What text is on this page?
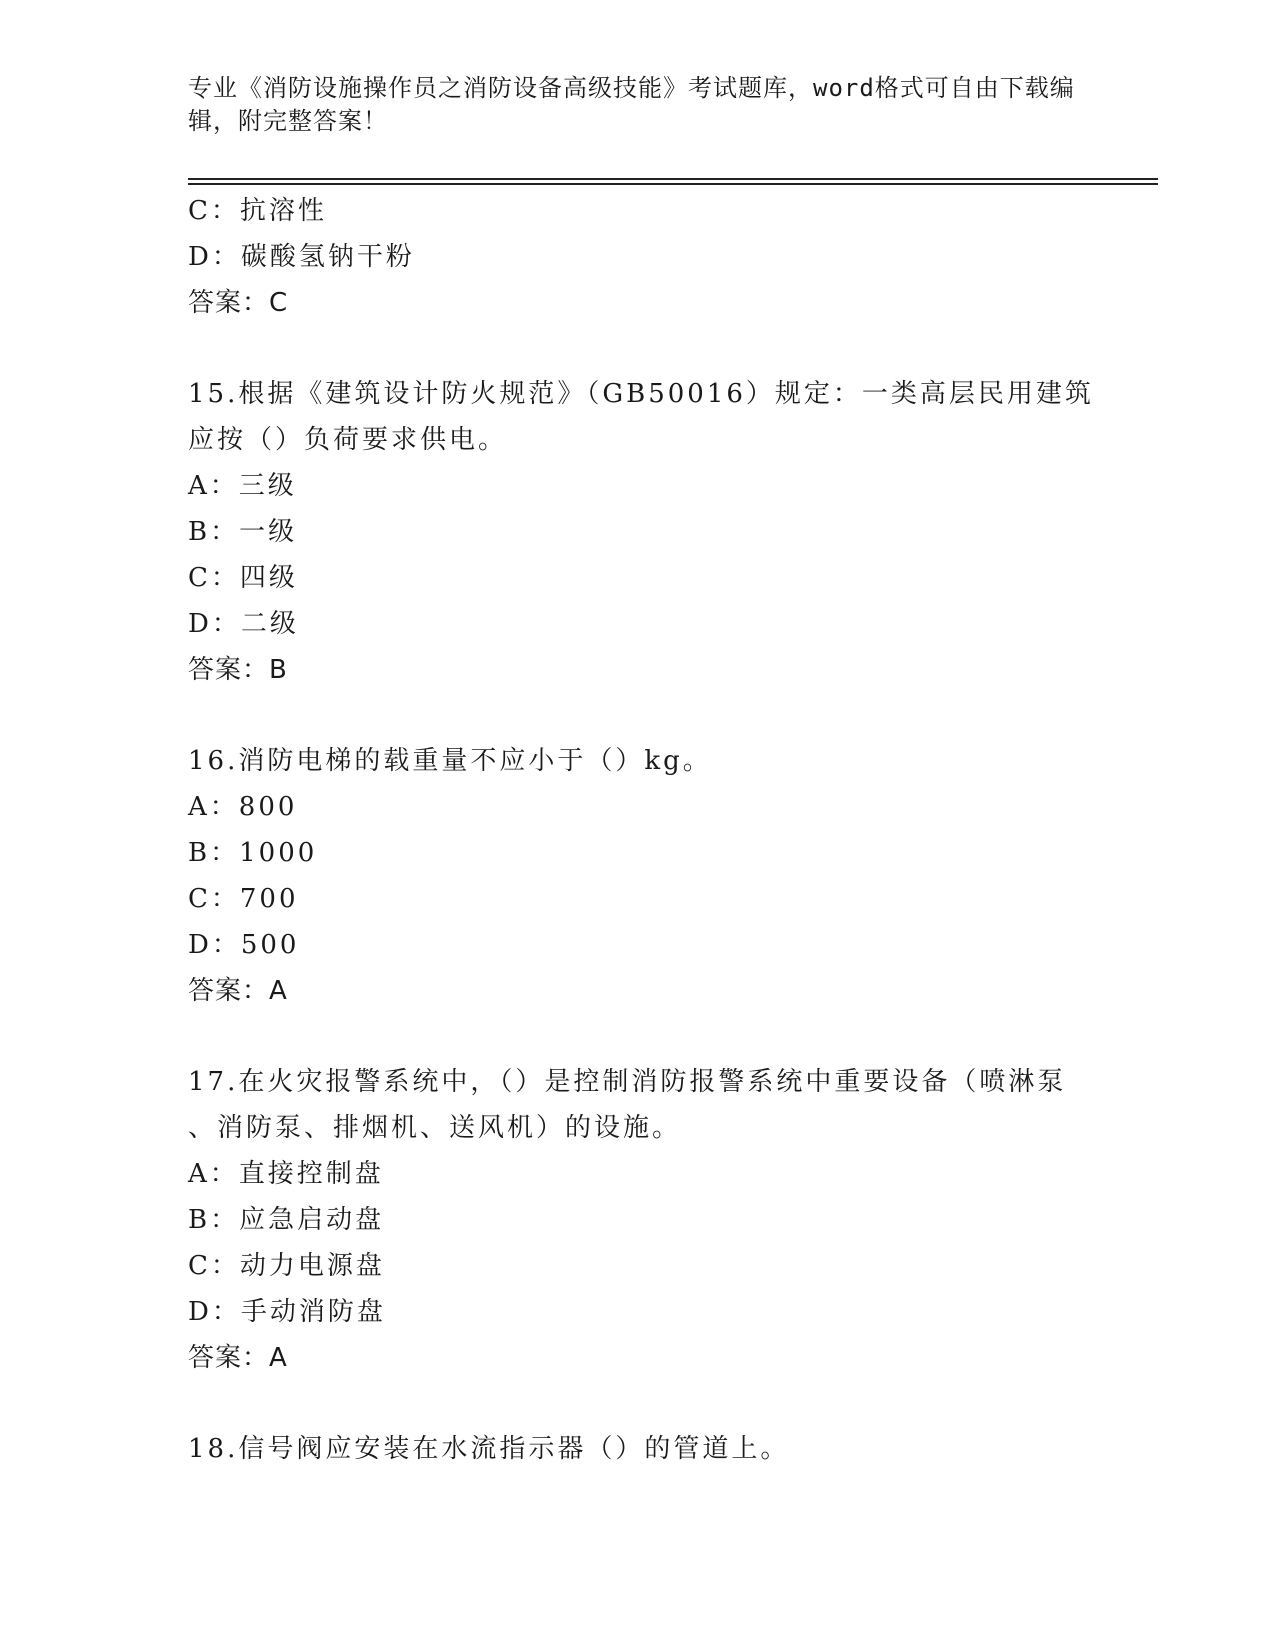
专业《消防设施操作员之消防设备高级技能》考试题库，word格式可自由下载编
辑，附完整答案！
C：抗溶性
D：碳酸氢钠干粉
答案：C
15.根据《建筑设计防火规范》（GB50016）规定：一类高层民用建筑
应按（）负荷要求供电。
A：三级
B：一级
C：四级
D：二级
答案：B
16.消防电梯的载重量不应小于（）kg。
A：800
B：1000
C：700
D：500
答案：A
17.在火灾报警系统中，（）是控制消防报警系统中重要设备（喷淋泵
、消防泵、排烟机、送风机）的设施。
A：直接控制盘
B：应急启动盘
C：动力电源盘
D：手动消防盘
答案：A
18.信号阀应安装在水流指示器（）的管道上。
